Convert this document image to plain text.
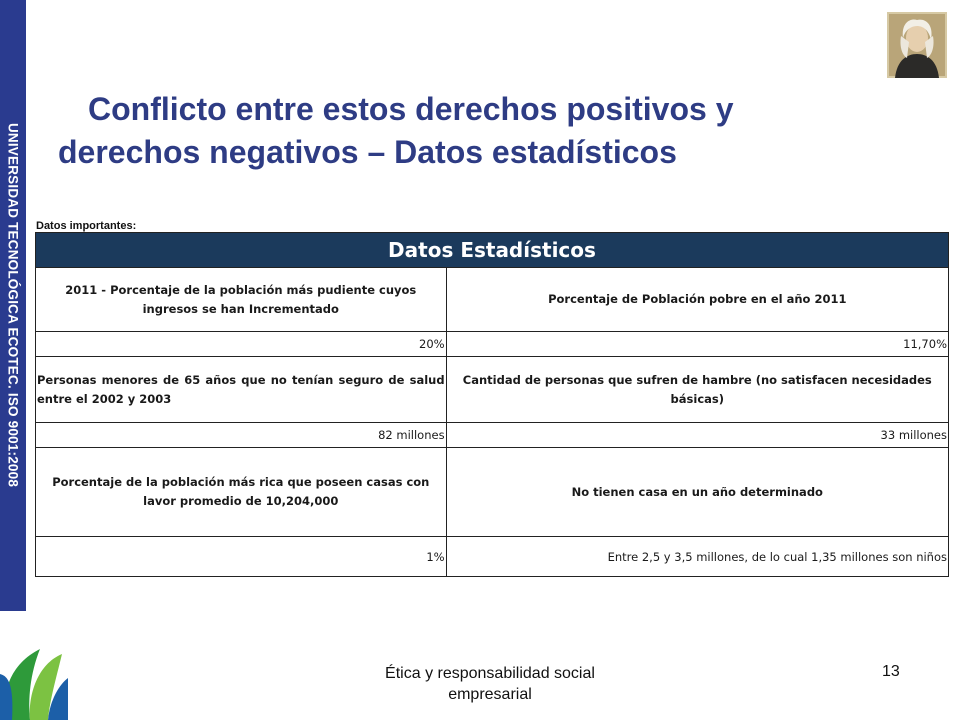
UNIVERSIDAD TECNOLÓGICA ECOTEC. ISO 9001:2008
Conflicto entre estos derechos positivos y
derechos negativos – Datos estadísticos
Datos importantes:
Datos Estadísticos	
2011 - Porcentaje de la población más pudiente cuyos ingresos se han Incrementado	Porcentaje de Población pobre en el año 2011
20%	11,70%
Personas menores de 65 años que no tenían seguro de salud entre el 2002 y 2003	Cantidad de personas que sufren de hambre (no satisfacen necesidades básicas)
82 millones	33 millones
Porcentaje de la población más rica que poseen casas con lavor promedio de 10,204,000	No tienen casa en un año determinado
1%	Entre 2,5 y 3,5 millones, de lo cual 1,35 millones son niños
Ética y responsabilidad social empresarial
13
